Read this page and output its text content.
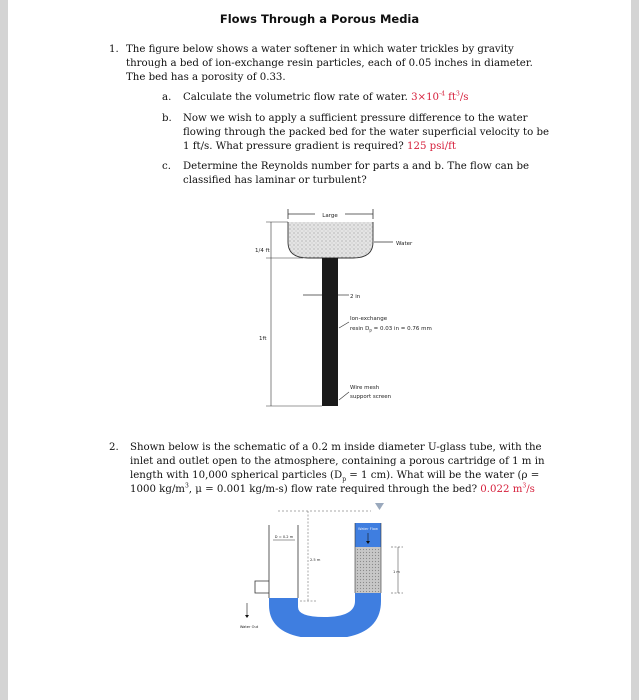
Flows Through a Porous Media
1. The figure below shows a water softener in which water trickles by gravity
through a bed of ion-exchange resin particles, each of 0.05 inches in diameter.
The bed has a porosity of 0.33.
a. Calculate the volumetric flow rate of water. $3\times 10^{-4}$ $ft^3/s$
b. Now we wish to apply a sufficient pressure difference to the water
flowing through the packed bed for the water superficial velocity to be
1 ft/s. What pressure gradient is required? 125 psi/ft
c. Determine the Reynolds number for parts a and b. The flow can be
classified has laminar or turbulent?
Large
Water
1/4 ft
2 in
Ion-exchange
resin $D_p = 0.03$ in = 0.76 mm
1ft
Wire mesh
support screen
2. Shown below is the schematic of a 0.2 m inside diameter U-glass tube, with the
inlet and outlet open to the atmosphere, containing a porous cartridge of 1 m in
length with 10,000 spherical particles ($D_p = 1$ cm). What will be the water (ρ =
1000 $kg/m^3$, μ = 0.001 kg/m-s) flow rate required through the bed? 0.022 $m^3/s$
Water Flow
D = 0.2 m
2.5 m
1 m
Water Out
